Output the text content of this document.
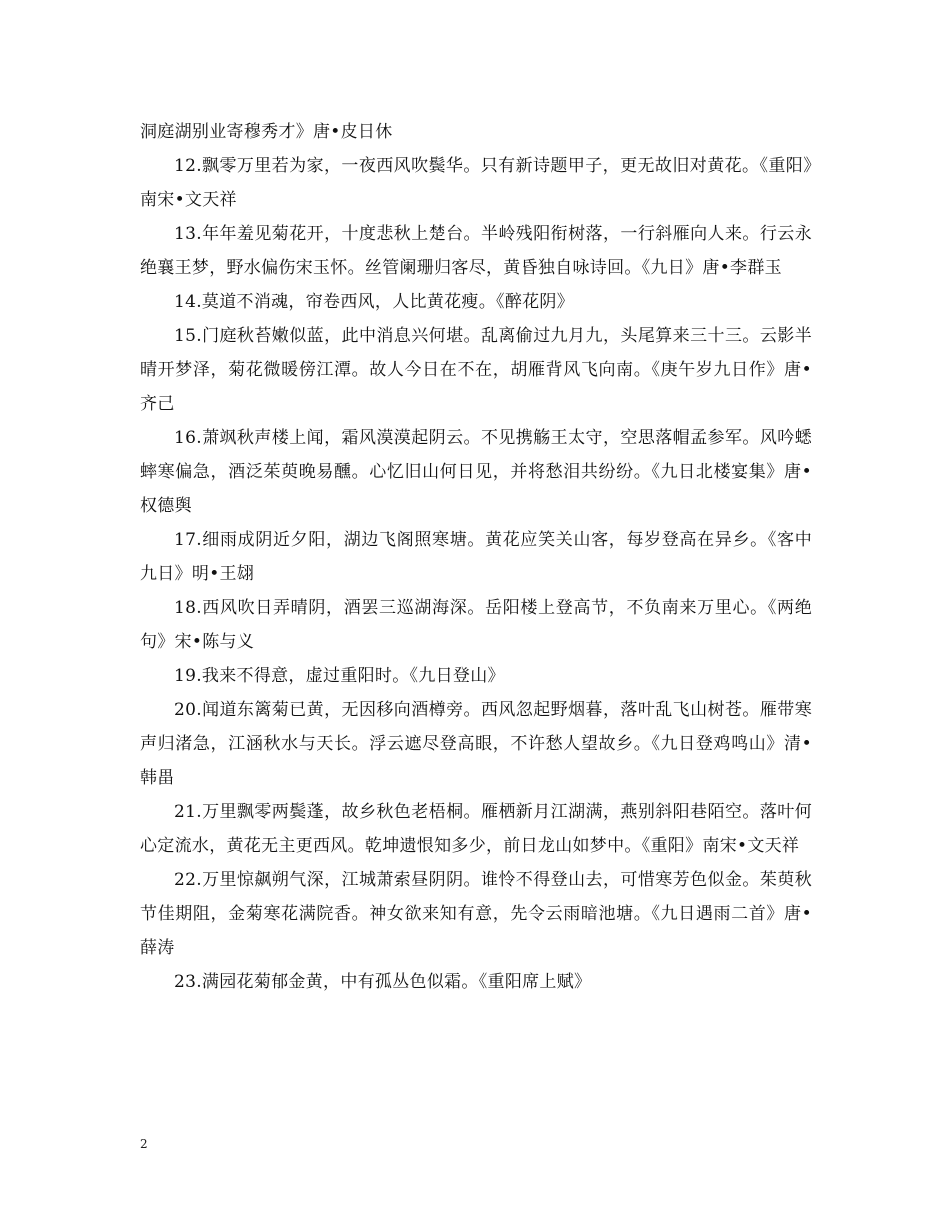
洞庭湖别业寄穆秀才》唐•皮日休

12.飘零万里若为家，一夜西风吹鬓华。只有新诗题甲子，更无故旧对黄花。《重阳》南宋•文天祥

13.年年羞见菊花开，十度悲秋上楚台。半岭残阳衔树落，一行斜雁向人来。行云永绝襄王梦，野水偏伤宋玉怀。丝管阑珊归客尽，黄昏独自咏诗回。《九日》唐•李群玉

14.莫道不消魂，帘卷西风，人比黄花瘦。《醉花阴》

15.门庭秋苔嫩似蓝，此中消息兴何堪。乱离偷过九月九，头尾算来三十三。云影半晴开梦泽，菊花微暖傍江潭。故人今日在不在，胡雁背风飞向南。《庚午岁九日作》唐•齐己

16.萧飒秋声楼上闻，霜风漠漠起阴云。不见携觞王太守，空思落帽孟参军。风吟蟋蟀寒偏急，酒泛茱萸晚易醺。心忆旧山何日见，并将愁泪共纷纷。《九日北楼宴集》唐•权德舆

17.细雨成阴近夕阳，湖边飞阁照寒塘。黄花应笑关山客，每岁登高在异乡。《客中九日》明•王翃

18.西风吹日弄晴阴，酒罢三巡湖海深。岳阳楼上登高节，不负南来万里心。《两绝句》宋•陈与义

19.我来不得意，虚过重阳时。《九日登山》

20.闻道东篱菊已黄，无因移向酒樽旁。西风忽起野烟暮，落叶乱飞山树苍。雁带寒声归渚急，江涵秋水与天长。浮云遮尽登高眼，不许愁人望故乡。《九日登鸡鸣山》清•韩畕

21.万里飘零两鬓蓬，故乡秋色老梧桐。雁栖新月江湖满，燕别斜阳巷陌空。落叶何心定流水，黄花无主更西风。乾坤遗恨知多少，前日龙山如梦中。《重阳》南宋•文天祥

22.万里惊飙朔气深，江城萧索昼阴阴。谁怜不得登山去，可惜寒芳色似金。茱萸秋节佳期阻，金菊寒花满院香。神女欲来知有意，先令云雨暗池塘。《九日遇雨二首》唐•薛涛

23.满园花菊郁金黄，中有孤丛色似霜。《重阳席上赋》

2
